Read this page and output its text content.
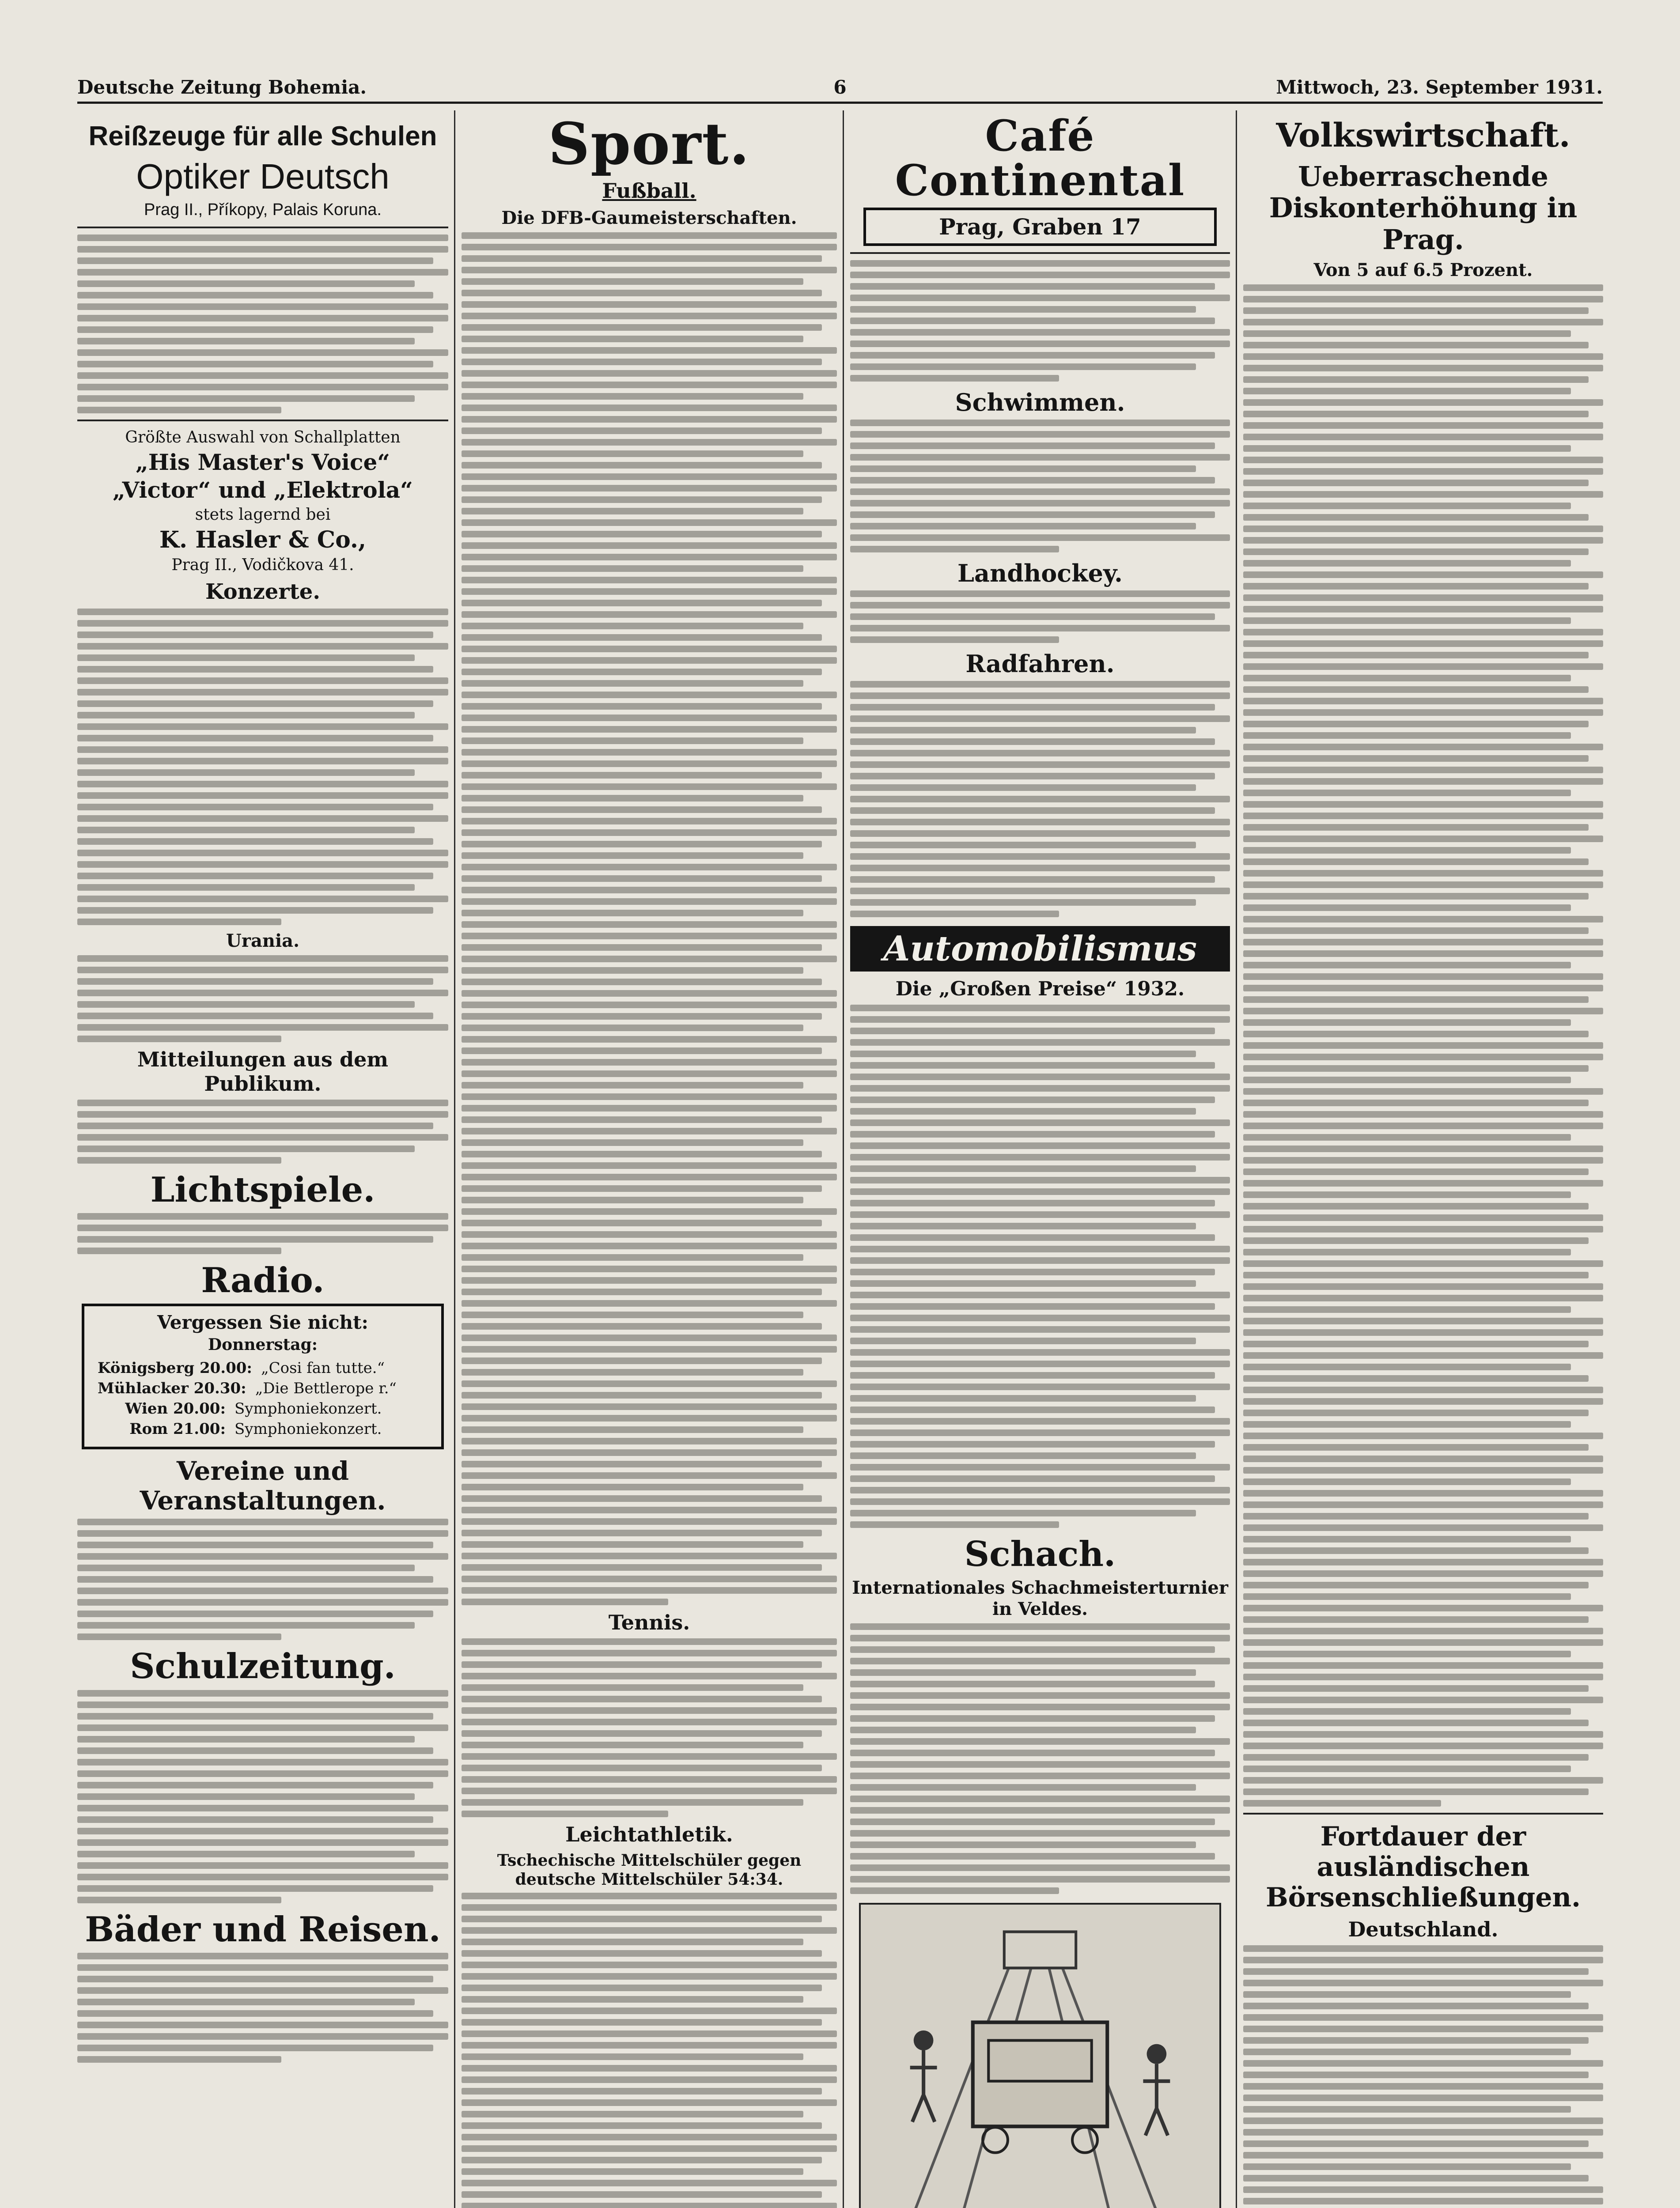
Deutsche Zeitung Bohemia.	6	Mittwoch, 23. September 1931.
Reißzeuge für alle Schulen
Optiker Deutsch
Prag II., Příkopy, Palais Koruna.
Größte Auswahl von Schallplatten
„His Master's Voice“
„Victor“ und „Elektrola“
stets lagernd bei
K. Hasler & Co.,
Prag II., Vodičkova 41.
Konzerte.
Urania.
Mitteilungen aus dem Publikum.
Lichtspiele.
Radio.
Vergessen Sie nicht:
Donnerstag:
Königsberg 20.00: „Cosi fan tutte.“
Mühlacker 20.30: „Die Bettlerope r.“
Wien 20.00: Symphoniekonzert.
Rom 21.00: Symphoniekonzert.
Vereine und Veranstaltungen.
Schulzeitung.
Bäder und Reisen.
Sport.
Fußball.
Die DFB-Gaumeisterschaften.
Tennis.
Leichtathletik.
Tschechische Mittelschüler gegen deutsche Mittelschüler 54:34.
Café Continental
Prag, Graben 17
Schwimmen.
Landhockey.
Radfahren.
Automobilismus
Die „Großen Preise“ 1932.
Schach.
Internationales Schachmeisterturnier in Veldes.
Volkswirtschaft.
Ueberraschende Diskonterhöhung in Prag.
Von 5 auf 6.5 Prozent.
Fortdauer der ausländischen Börsenschließungen.
Deutschland.
